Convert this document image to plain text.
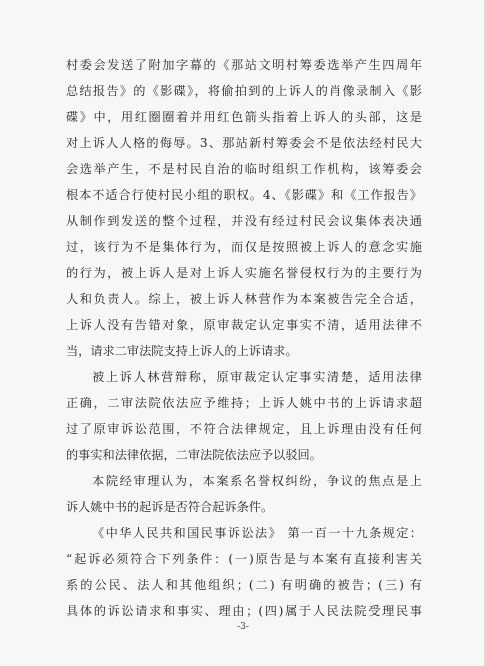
村委会发送了附加字幕的《那站文明村筹委选举产生四周年
总结报告》的《影碟》，将偷拍到的上诉人的肖像录制入《影
碟》中，用红圈圈着并用红色箭头指着上诉人的头部，这是
对上诉人人格的侮辱。3、那站新村筹委会不是依法经村民大
会选举产生，不是村民自治的临时组织工作机构，该筹委会
根本不适合行使村民小组的职权。4、《影碟》和《工作报告》
从制作到发送的整个过程，并没有经过村民会议集体表决通
过，该行为不是集体行为，而仅是按照被上诉人的意念实施
的行为，被上诉人是对上诉人实施名誉侵权行为的主要行为
人和负责人。综上，被上诉人林营作为本案被告完全合适，
上诉人没有告错对象，原审裁定认定事实不清，适用法律不
当，请求二审法院支持上诉人的上诉请求。
被上诉人林营辩称，原审裁定认定事实清楚，适用法律
正确，二审法院依法应予维持；上诉人姚中书的上诉请求超
过了原审诉讼范围，不符合法律规定，且上诉理由没有任何
的事实和法律依据，二审法院依法应予以驳回。
本院经审理认为，本案系名誉权纠纷，争议的焦点是上
诉人姚中书的起诉是否符合起诉条件。
《中华人民共和国民事诉讼法》 第一百一十九条规定：
“起诉必须符合下列条件：(一)原告是与本案有直接利害关
系的公民、法人和其他组织；(二) 有明确的被告；(三) 有
具体的诉讼请求和事实、理由；(四)属于人民法院受理民事
-3-
